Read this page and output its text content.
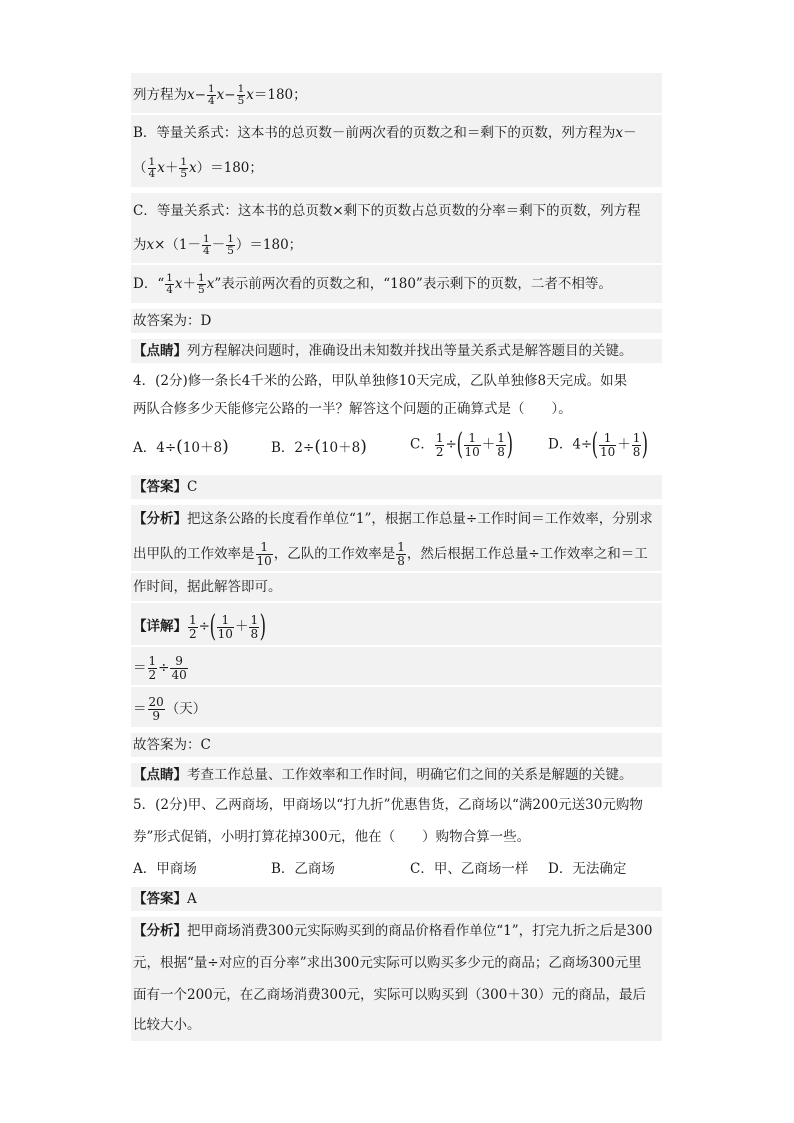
列方程为$x- \frac{1}{4} x- \frac{1}{5} x=180$；
B．等量关系式：这本书的总页数－前两次看的页数之和＝剩下的页数，列方程为x－
（ $\frac{1}{4} x+ \frac{1}{5} x)=180$；
C．等量关系式：这本书的总页数×剩下的页数占总页数的分率＝剩下的页数，列方程
为$x\times(1- \frac{1}{4} - \frac{1}{5} )=180$；
D．“ $\frac{1}{4} x+ \frac{1}{5} x$”表示前两次看的页数之和，“180”表示剩下的页数，二者不相等。
故答案为：D
【点睛】列方程解决问题时，准确设出未知数并找出等量关系式是解答题目的关键。
4．(2分)修一条长4千米的公路，甲队单独修10天完成，乙队单独修8天完成。如果
两队合修多少天能修完公路的一半？解答这个问题的正确算式是（　　）。
A．4÷(10＋8)	B．2÷(10＋8)	C． $\frac{1}{2}$ ÷( $\frac{1}{10} + \frac{1}{8}$ )	D．$4\div( \frac{1}{10} + \frac{1}{8}$ )
【答案】C
【分析】把这条公路的长度看作单位“1”，根据工作总量÷工作时间＝工作效率，分别求
出甲队的工作效率是 $\frac{1}{10}$ ，乙队的工作效率是 $\frac{1}{8}$ ，然后根据工作总量÷工作效率之和＝工
作时间，据此解答即可。
【详解】 $\frac{1}{2}$ ÷( $\frac{1}{10} + \frac{1}{8}$ )
＝ $\frac{1}{2} \div \frac{9}{40}$
＝ $\frac{20}{9}$ （天）
故答案为：C
【点睛】考查工作总量、工作效率和工作时间，明确它们之间的关系是解题的关键。
5．(2分)甲、乙两商场，甲商场以“打九折”优惠售货，乙商场以“满200元送30元购物
券”形式促销，小明打算花掉300元，他在（　　）购物合算一些。
A．甲商场	B．乙商场	C．甲、乙商场一样 D．无法确定
【答案】A
【分析】把甲商场消费300元实际购买到的商品价格看作单位“1”，打完九折之后是300
元，根据“量÷对应的百分率”求出300元实际可以购买多少元的商品；乙商场300元里
面有一个200元，在乙商场消费300元，实际可以购买到（300＋30）元的商品，最后
比较大小。
